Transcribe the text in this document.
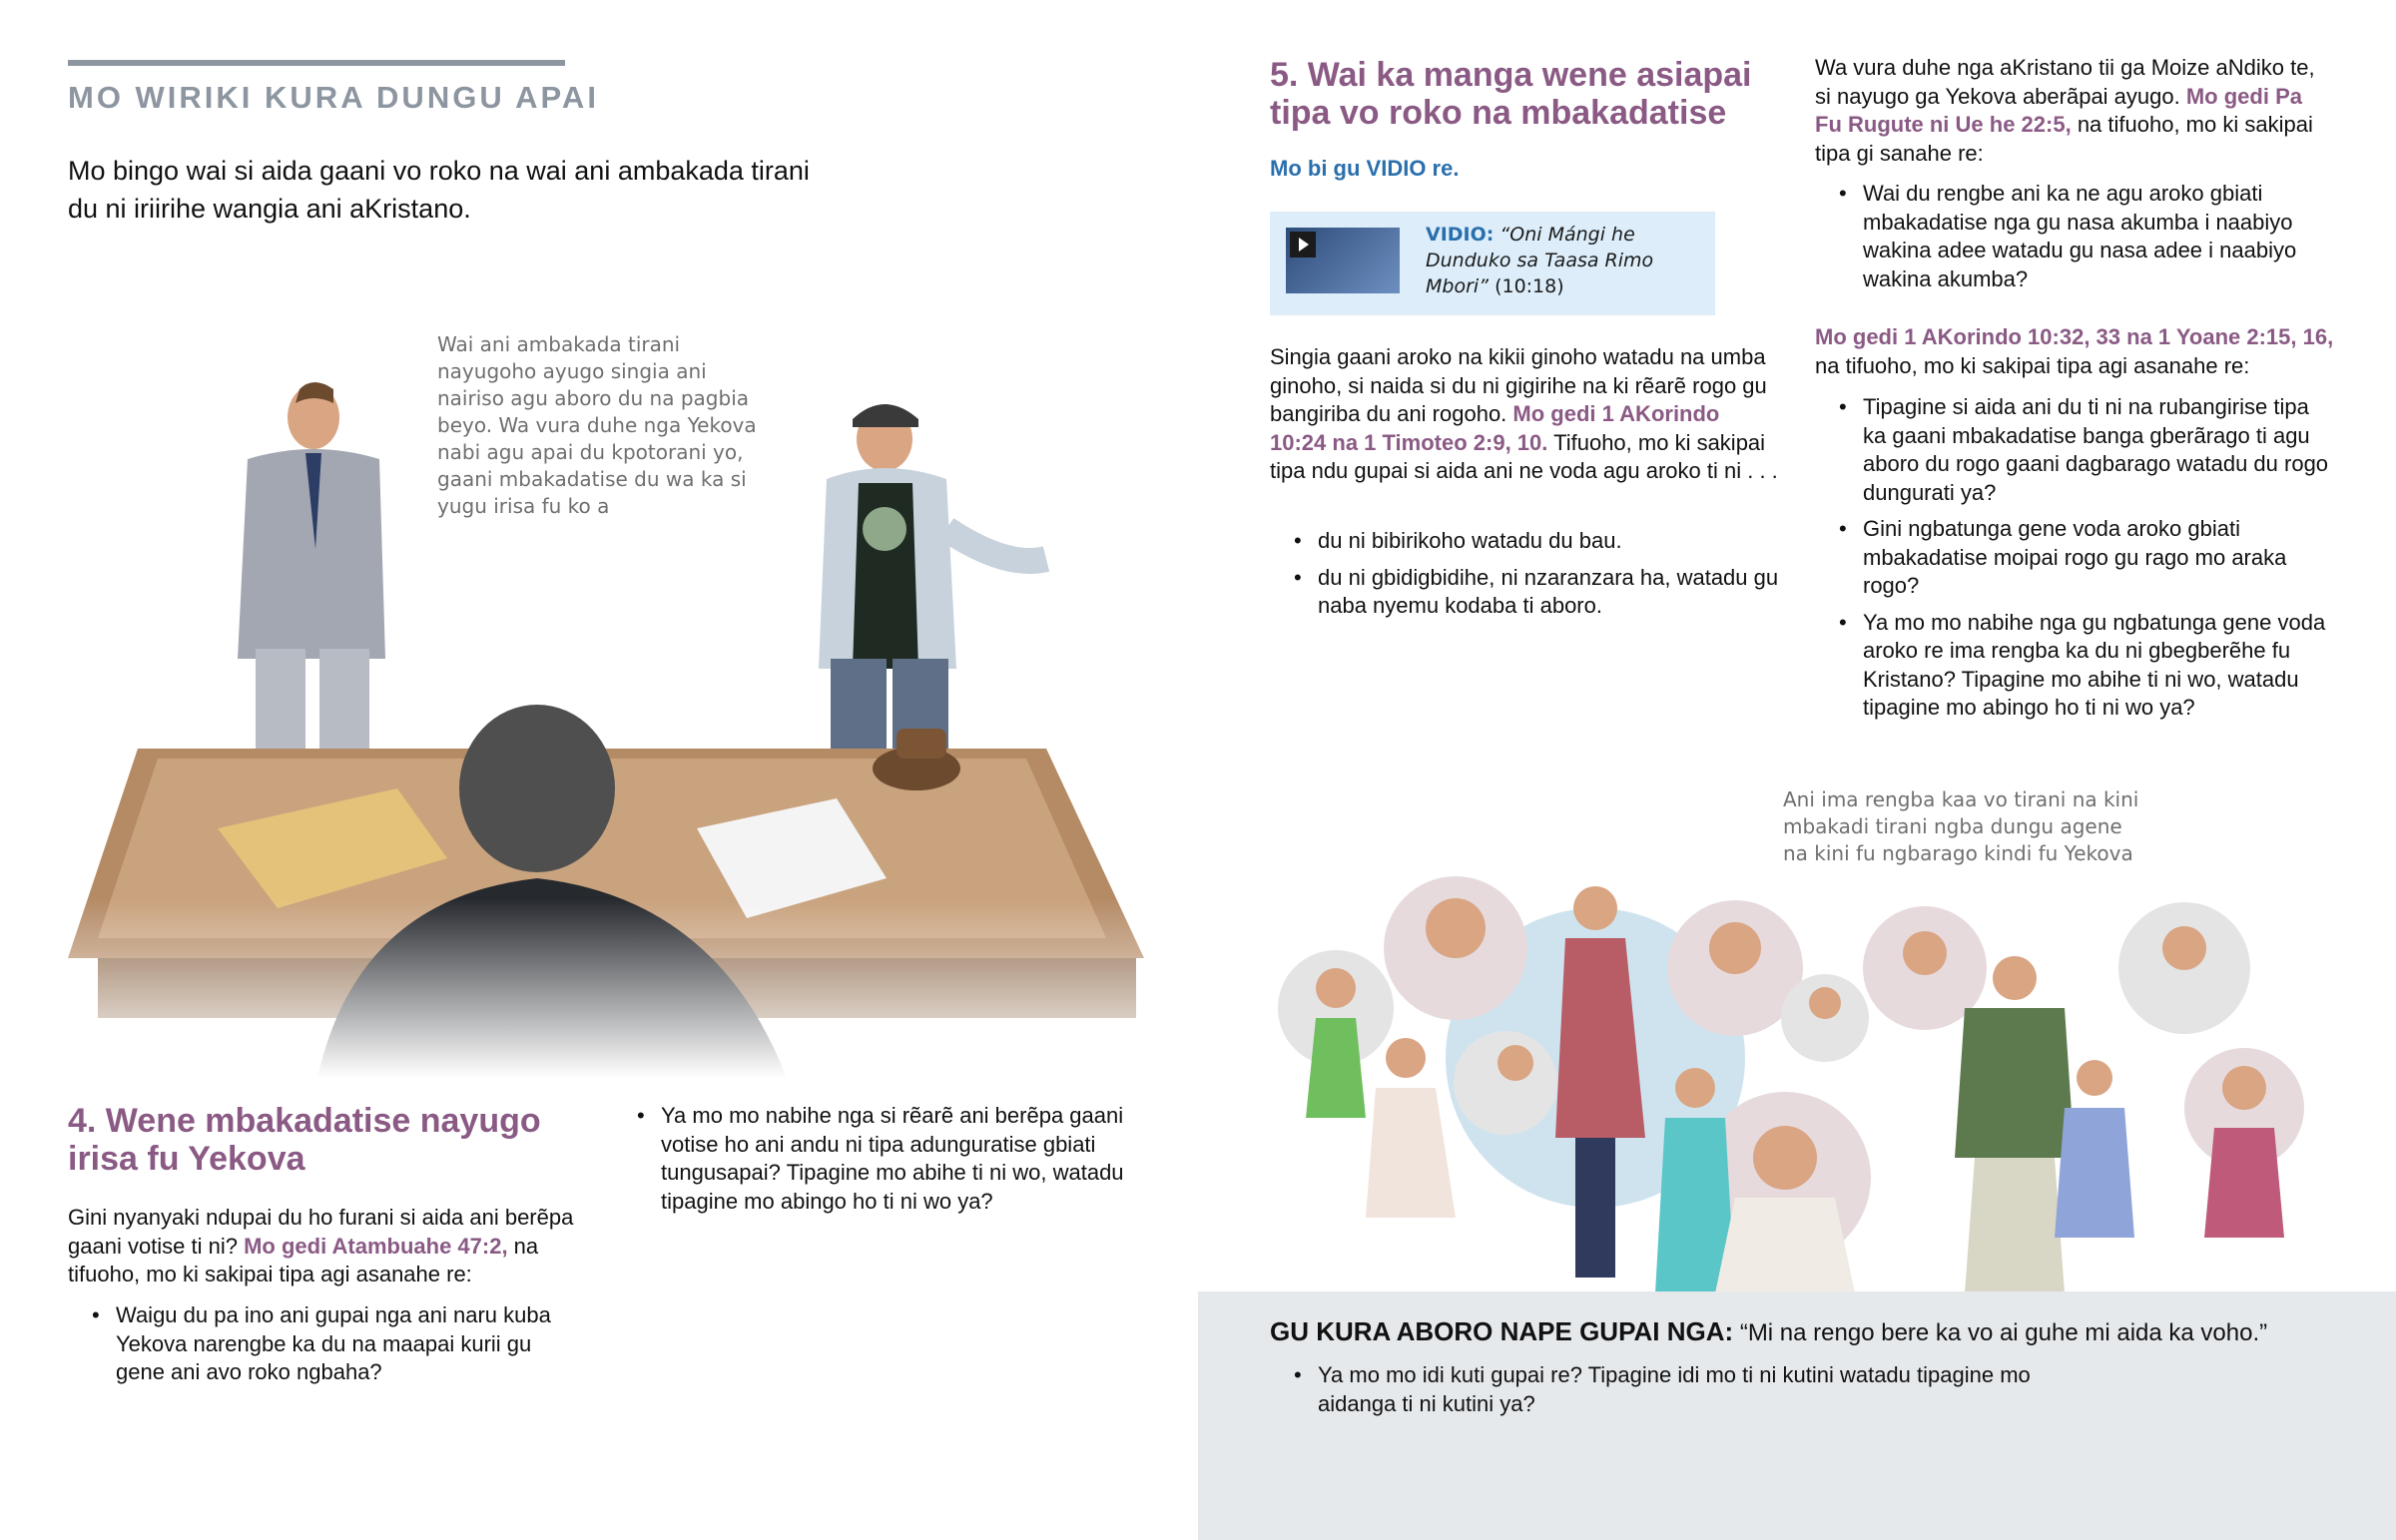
MO WIRIKI KURA DUNGU APAI
Mo bingo wai si aida gaani vo roko na wai ani ambakada tirani du ni iriirihe wangia ani aKristano.
Wai ani ambakada tirani nayugoho ayugo singia ani nairiso agu aboro du na pagbia beyo. Wa vura duhe nga Yekova nabi agu apai du kpotorani yo, gaani mbakadatise du wa ka si yugu irisa fu ko a
4. Wene mbakadatise nayugo irisa fu Yekova
Gini nyanyaki ndupai du ho furani si aida ani berẽpa gaani votise ti ni? Mo gedi Atambuahe 47:2, na tifuoho, mo ki sakipai tipa agi asanahe re:
• Waigu du pa ino ani gupai nga ani naru kuba Yekova narengbe ka du na maapai kurii gu gene ani avo roko ngbaha?
• Ya mo mo nabihe nga si rẽarẽ ani berẽpa gaani votise ho ani andu ni tipa adunguratise gbiati tungusapai? Tipagine mo abihe ti ni wo, watadu tipagine mo abingo ho ti ni wo ya?
5. Wai ka manga wene asiapai tipa vo roko na mbakadatise
Mo bi gu VIDIO re.
VIDIO: “Oni Mángi he Dunduko sa Taasa Rimo Mbori” (10:18)
Singia gaani aroko na kikii ginoho watadu na umba ginoho, si naida si du ni gigirihe na ki rẽarẽ rogo gu bangiriba du ani rogoho. Mo gedi 1 AKorindo 10:24 na 1 Timoteo 2:9, 10. Tifuoho, mo ki sakipai tipa ndu gupai si aida ani ne voda agu aroko ti ni . . .
• du ni bibirikoho watadu du bau.
• du ni gbidigbidihe, ni nzaranzara ha, watadu gu naba nyemu kodaba ti aboro.
Wa vura duhe nga aKristano tii ga Moize aNdiko te, si nayugo ga Yekova aberãpai ayugo. Mo gedi Pa Fu Rugute ni Ue he 22:5, na tifuoho, mo ki sakipai tipa gi sanahe re:
• Wai du rengbe ani ka ne agu aroko gbiati mbakadatise nga gu nasa akumba i naabiyo wakina adee watadu gu nasa adee i naabiyo wakina akumba?
Mo gedi 1 AKorindo 10:32, 33 na 1 Yoane 2:15, 16, na tifuoho, mo ki sakipai tipa agi asanahe re:
• Tipagine si aida ani du ti ni na rubangirise tipa ka gaani mbakadatise banga gberãrago ti agu aboro du rogo gaani dagbarago watadu du rogo dungurati ya?
• Gini ngbatunga gene voda aroko gbiati mbakadatise moipai rogo gu rago mo araka rogo?
• Ya mo mo nabihe nga gu ngbatunga gene voda aroko re ima rengba ka du ni gbegberẽhe fu Kristano? Tipagine mo abihe ti ni wo, watadu tipagine mo abingo ho ti ni wo ya?
Ani ima rengba kaa vo tirani na kini mbakadi tirani ngba dungu agene na kini fu ngbarago kindi fu Yekova
GU KURA ABORO NAPE GUPAI NGA: “Mi na rengo bere ka vo ai guhe mi aida ka voho.”
• Ya mo mo idi kuti gupai re? Tipagine idi mo ti ni kutini watadu tipagine mo aidanga ti ni kutini ya?
